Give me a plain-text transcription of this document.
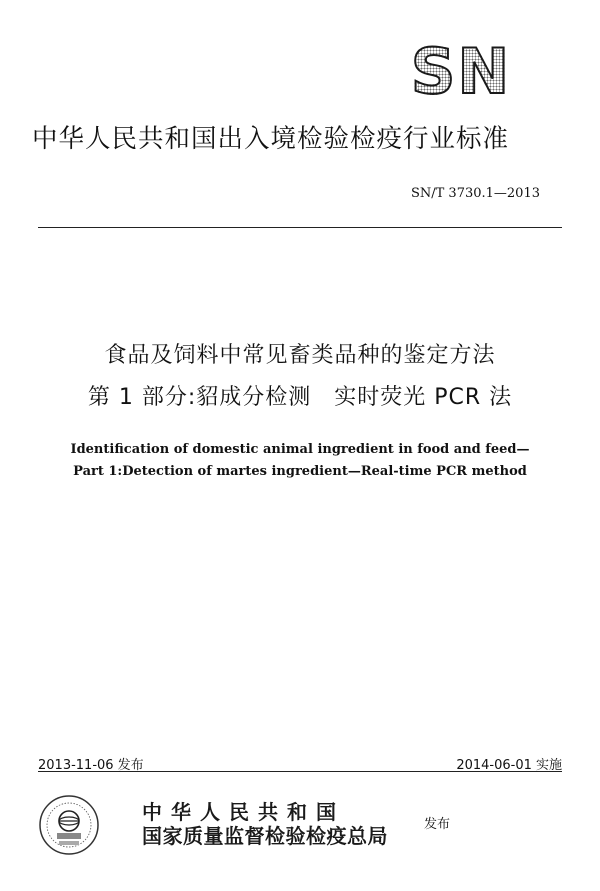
SN
中华人民共和国出入境检验检疫行业标准
SN/T 3730.1—2013
食品及饲料中常见畜类品种的鉴定方法
第 1 部分:貂成分检测　实时荧光 PCR 法
Identification of domestic animal ingredient in food and feed—
Part 1:Detection of martes ingredient—Real-time PCR method
2013-11-06 发布	2014-06-01 实施
中华人民共和国
国家质量监督检验检疫总局	发布
